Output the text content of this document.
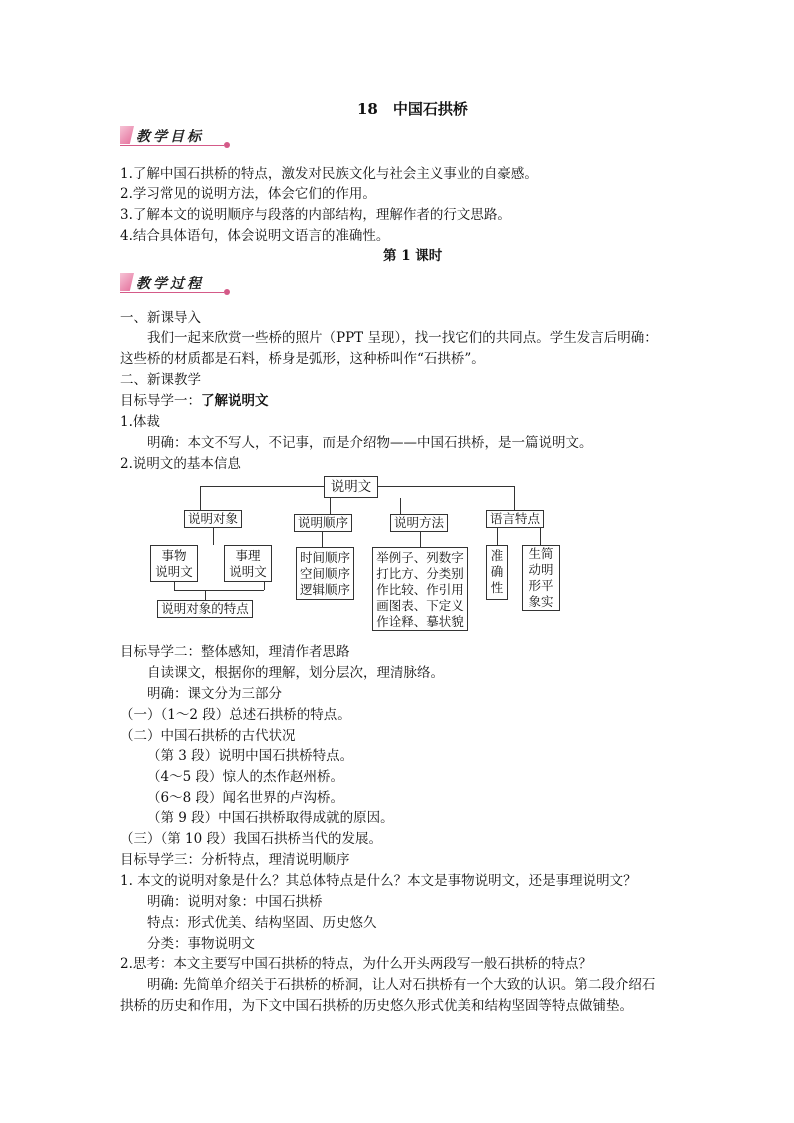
18　中国石拱桥
教学目标
1.了解中国石拱桥的特点，激发对民族文化与社会主义事业的自豪感。
2.学习常见的说明方法，体会它们的作用。
3.了解本文的说明顺序与段落的内部结构，理解作者的行文思路。
4.结合具体语句，体会说明文语言的准确性。
第 1 课时
教学过程
一、新课导入
我们一起来欣赏一些桥的照片（PPT 呈现），找一找它们的共同点。学生发言后明确：
这些桥的材质都是石料，桥身是弧形，这种桥叫作“石拱桥”。
二、新课教学
目标导学一：了解说明文
1.体裁
明确：本文不写人，不记事，而是介绍物——中国石拱桥，是一篇说明文。
2.说明文的基本信息
说明文
说明对象	说明顺序	说明方法	语言特点
事物
说明文
事理
说明文
说明对象的特点
时间顺序
空间顺序
逻辑顺序
举例子、列数字
打比方、分类别
作比较、作引用
画图表、下定义
作诠释、摹状貌
准
确
性
生简
动明
形平
象实
目标导学二：整体感知，理清作者思路
自读课文，根据你的理解，划分层次，理清脉络。
明确：课文分为三部分
（一）（1～2 段）总述石拱桥的特点。
（二）中国石拱桥的古代状况
（第 3 段）说明中国石拱桥特点。
（4～5 段）惊人的杰作赵州桥。
（6～8 段）闻名世界的卢沟桥。
（第 9 段）中国石拱桥取得成就的原因。
（三）（第 10 段）我国石拱桥当代的发展。
目标导学三：分析特点，理清说明顺序
1. 本文的说明对象是什么？其总体特点是什么？本文是事物说明文，还是事理说明文？
明确：说明对象：中国石拱桥
特点：形式优美、结构坚固、历史悠久
分类：事物说明文
2.思考：本文主要写中国石拱桥的特点，为什么开头两段写一般石拱桥的特点？
明确: 先简单介绍关于石拱桥的桥洞，让人对石拱桥有一个大致的认识。第二段介绍石
拱桥的历史和作用，为下文中国石拱桥的历史悠久形式优美和结构坚固等特点做铺垫。
